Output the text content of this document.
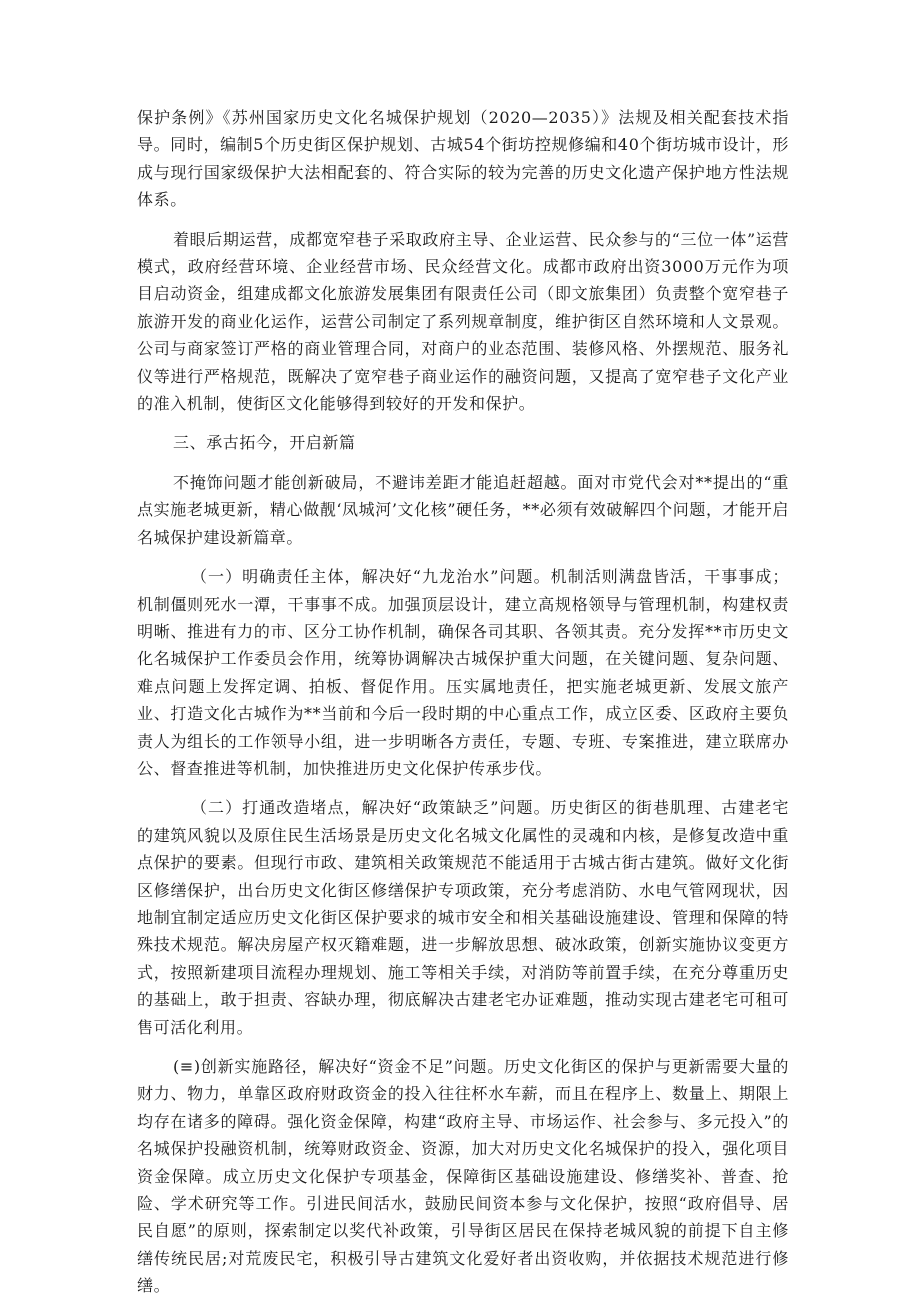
保护条例》《苏州国家历史文化名城保护规划（2020—2035）》法规及相关配套技术指导。同时，编制5个历史街区保护规划、古城54个街坊控规修编和40个街坊城市设计，形成与现行国家级保护大法相配套的、符合实际的较为完善的历史文化遗产保护地方性法规体系。

着眼后期运营，成都宽窄巷子采取政府主导、企业运营、民众参与的“三位一体”运营模式，政府经营环境、企业经营市场、民众经营文化。成都市政府出资3000万元作为项目启动资金，组建成都文化旅游发展集团有限责任公司（即文旅集团）负责整个宽窄巷子旅游开发的商业化运作，运营公司制定了系列规章制度，维护街区自然环境和人文景观。公司与商家签订严格的商业管理合同，对商户的业态范围、装修风格、外摆规范、服务礼仪等进行严格规范，既解决了宽窄巷子商业运作的融资问题，又提高了宽窄巷子文化产业的准入机制，使街区文化能够得到较好的开发和保护。

三、承古拓今，开启新篇

不掩饰问题才能创新破局，不避讳差距才能追赶超越。面对市党代会对**提出的“重点实施老城更新，精心做靓‘凤城河’文化核”硬任务，**必须有效破解四个问题，才能开启名城保护建设新篇章。

（一）明确责任主体，解决好“九龙治水”问题。机制活则满盘皆活，干事事成；机制僵则死水一潭，干事事不成。加强顶层设计，建立高规格领导与管理机制，构建权责明晰、推进有力的市、区分工协作机制，确保各司其职、各领其责。充分发挥**市历史文化名城保护工作委员会作用，统筹协调解决古城保护重大问题，在关键问题、复杂问题、难点问题上发挥定调、拍板、督促作用。压实属地责任，把实施老城更新、发展文旅产业、打造文化古城作为**当前和今后一段时期的中心重点工作，成立区委、区政府主要负责人为组长的工作领导小组，进一步明晰各方责任，专题、专班、专案推进，建立联席办公、督查推进等机制，加快推进历史文化保护传承步伐。

（二）打通改造堵点，解决好“政策缺乏”问题。历史街区的街巷肌理、古建老宅的建筑风貌以及原住民生活场景是历史文化名城文化属性的灵魂和内核，是修复改造中重点保护的要素。但现行市政、建筑相关政策规范不能适用于古城古街古建筑。做好文化街区修缮保护，出台历史文化街区修缮保护专项政策，充分考虑消防、水电气管网现状，因地制宜制定适应历史文化街区保护要求的城市安全和相关基础设施建设、管理和保障的特殊技术规范。解决房屋产权灭籍难题，进一步解放思想、破冰政策，创新实施协议变更方式，按照新建项目流程办理规划、施工等相关手续，对消防等前置手续，在充分尊重历史的基础上，敢于担责、容缺办理，彻底解决古建老宅办证难题，推动实现古建老宅可租可售可活化利用。

(≡)创新实施路径，解决好“资金不足”问题。历史文化街区的保护与更新需要大量的财力、物力，单靠区政府财政资金的投入往往杯水车薪，而且在程序上、数量上、期限上均存在诸多的障碍。强化资金保障，构建“政府主导、市场运作、社会参与、多元投入”的名城保护投融资机制，统筹财政资金、资源，加大对历史文化名城保护的投入，强化项目资金保障。成立历史文化保护专项基金，保障街区基础设施建设、修缮奖补、普查、抢险、学术研究等工作。引进民间活水，鼓励民间资本参与文化保护，按照“政府倡导、居民自愿”的原则，探索制定以奖代补政策，引导街区居民在保持老城风貌的前提下自主修缮传统民居;对荒废民宅，积极引导古建筑文化爱好者出资收购，并依据技术规范进行修缮。
